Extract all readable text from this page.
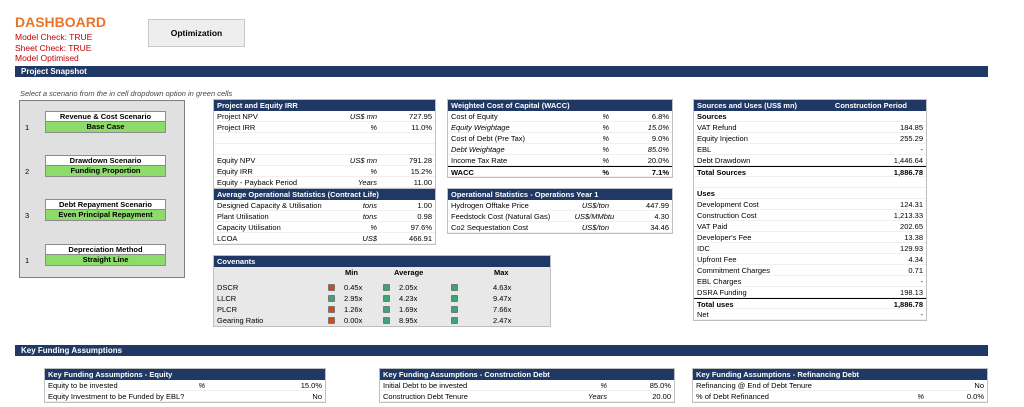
DASHBOARD
Model Check: TRUE
Sheet Check: TRUE
Model Optimised
Optimization
Project Snapshot
Select a scenario from the in cell dropdown option in green cells
1
Revenue & Cost Scenario
Base Case
2
Drawdown Scenario
Funding Proportion
3
Debt Repayment Scenario
Even Principal Repayment
1
Depreciation Method
Straight Line
Project and Equity IRR
Project NPV	US$ mn	727.95
Project IRR	%	11.0%
Equity NPV	US$ mn	791.28
Equity IRR	%	15.2%
Equity - Payback Period	Years	11.00
Weighted Cost of Capital (WACC)
Cost of Equity	%	6.8%
Equity Weightage	%	15.0%
Cost of Debt (Pre Tax)	%	9.0%
Debt Weightage	%	85.0%
Income Tax Rate	%	20.0%
WACC	%	7.1%
Average Operational Statistics (Contract Life)
Designed Capacity & Utilisation	tons	1.00
Plant Utilisation	tons	0.98
Capacity Utilisation	%	97.6%
LCOA	US$	466.91
Operational Statistics - Operations Year 1
Hydrogen Offtake Price	US$/ton	447.99
Feedstock Cost (Natural Gas)	US$/MMbtu	4.30
Co2 Sequestation Cost	US$/ton	34.46
Covenants
Min	Average	Max
DSCR	0.45x	2.05x	4.63x
LLCR	2.95x	4.23x	9.47x
PLCR	1.26x	1.69x	7.66x
Gearing Ratio	0.00x	8.95x	2.47x
Sources and Uses (US$ mn)	Construction Period
Sources
VAT Refund	184.85
Equity Injection	255.29
EBL	-
Debt Drawdown	1,446.64
Total Sources	1,886.78
Uses
Development Cost	124.31
Construction Cost	1,213.33
VAT Paid	202.65
Developer's Fee	13.38
IDC	129.93
Upfront Fee	4.34
Commitment Charges	0.71
EBL Charges	-
DSRA Funding	198.13
Total uses	1,886.78
Net	-
Key Funding Assumptions
Key Funding Assumptions - Equity
Equity to be invested	%	15.0%
Equity Investment to be Funded by EBL?	No
Key Funding Assumptions - Construction Debt
Initial Debt to be invested	%	85.0%
Construction Debt Tenure	Years	20.00
Key Funding Assumptions - Refinancing Debt
Refinancing @ End of Debt Tenure	No
% of Debt Refinanced	%	0.0%
